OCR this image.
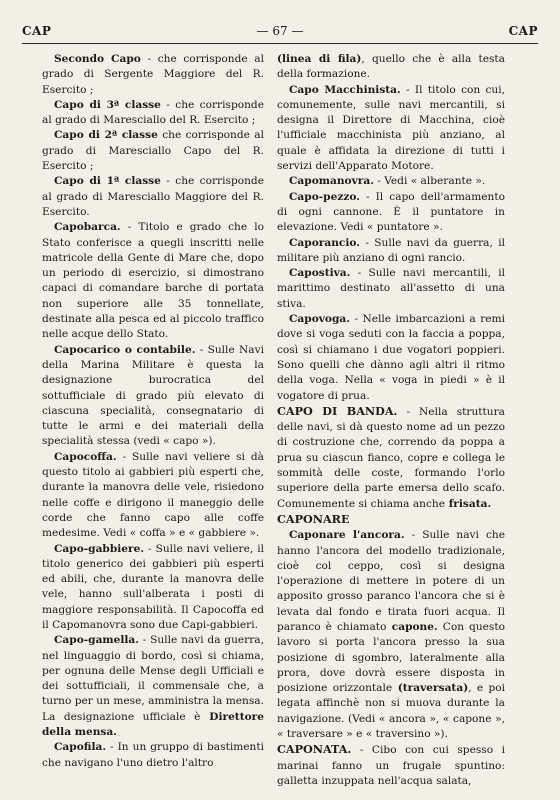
CAP	— 67 —	CAP

Secondo Capo - che corrisponde al grado di Sergente Maggiore del R. Esercito ;

Capo di 3ª classe - che corrisponde al grado di Maresciallo del R. Esercito ;

Capo di 2ª classe che corrisponde al grado di Maresciallo Capo del R. Esercito ;

Capo di 1ª classe - che corrisponde al grado di Maresciallo Maggiore del R. Esercito.

Capobarca. - Titolo e grado che lo Stato conferisce a quegli inscritti nelle matricole della Gente di Mare che, dopo un periodo di esercizio, si dimostrano capaci di comandare barche di portata non superiore alle 35 tonnellate, destinate alla pesca ed al piccolo traffico nelle acque dello Stato.

Capocarico o contabile. - Sulle Navi della Marina Militare è questa la designazione burocratica del sottufficiale di grado più elevato di ciascuna specialità, consegnatario di tutte le armi e dei materiali della specialità stessa (vedi « capo »).

Capocoffa. - Sulle navi veliere si dà questo titolo ai gabbieri più esperti che, durante la manovra delle vele, risiedono nelle coffe e dirigono il maneggio delle corde che fanno capo alle coffe medesime. Vedi « coffa » e « gabbiere ».

Capo-gabbiere. - Sulle navi veliere, il titolo generico dei gabbieri più esperti ed abili, che, durante la manovra delle vele, hanno sull'alberata i posti di maggiore responsabilità. Il Capocoffa ed il Capomanovra sono due Capi-gabbieri.

Capo-gamella. - Sulle navi da guerra, nel linguaggio di bordo, così si chiama, per ognuna delle Mense degli Ufficiali e dei sottufficiali, il commensale che, a turno per un mese, amministra la mensa. La designazione ufficiale è Direttore della mensa.

Capofila. - In un gruppo di bastimenti che navigano l'uno dietro l'altro

(linea di fila), quello che è alla testa della formazione.

Capo Macchinista. - Il titolo con cui, comunemente, sulle navi mercantili, si designa il Direttore di Macchina, cioè l'ufficiale macchinista più anziano, al quale è affidata la direzione di tutti i servizi dell'Apparato Motore.

Capomanovra. - Vedi « alberante ».

Capo-pezzo. - Il capo dell'armamento di ogni cannone. È il puntatore in elevazione. Vedi « puntatore ».

Caporancio. - Sulle navi da guerra, il militare più anziano di ogni rancio.

Capostiva. - Sulle navi mercantili, il marittimo destinato all'assetto di una stiva.

Capovoga. - Nelle imbarcazioni a remi dove si voga seduti con la faccia a poppa, così si chiamano i due vogatori poppieri. Sono quelli che dànno agli altri il ritmo della voga. Nella « voga in piedi » è il vogatore di prua.

CAPO DI BANDA. - Nella struttura delle navi, si dà questo nome ad un pezzo di costruzione che, correndo da poppa a prua su ciascun fianco, copre e collega le sommità delle coste, formando l'orlo superiore della parte emersa dello scafo. Comunemente si chiama anche frisata.

CAPONARE

Caponare l'ancora. - Sulle navi che hanno l'ancora del modello tradizionale, cioè col ceppo, così si designa l'operazione di mettere in potere di un apposito grosso paranco l'ancora che si è levata dal fondo e tirata fuori acqua. Il paranco è chiamato capone. Con questo lavoro si porta l'ancora presso la sua posizione di sgombro, lateralmente alla prora, dove dovrà essere disposta in posizione orizzontale (traversata), e poi legata affinchè non si muova durante la navigazione. (Vedi « ancora », « capone », « traversare » e « traversino »).

CAPONATA. - Cibo con cui spesso i marinai fanno un frugale spuntino: galletta inzuppata nell'acqua salata,
